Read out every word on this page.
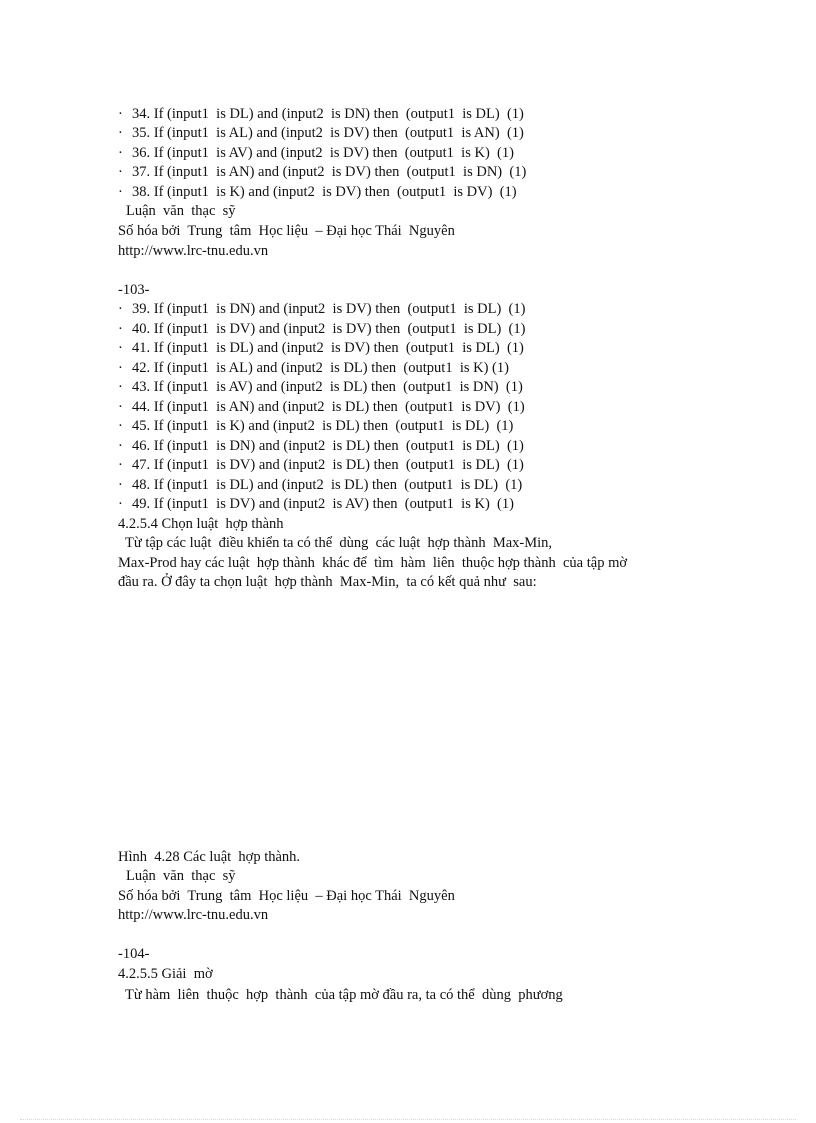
· 34. If (input1  is DL) and (input2  is DN) then  (output1  is DL)  (1)
· 35. If (input1  is AL) and (input2  is DV) then  (output1  is AN)  (1)
· 36. If (input1  is AV) and (input2  is DV) then  (output1  is K)  (1)
· 37. If (input1  is AN) and (input2  is DV) then  (output1  is DN)  (1)
· 38. If (input1  is K) and (input2  is DV) then  (output1  is DV)  (1)
Luận  văn  thạc  sỹ
Số hóa bởi  Trung  tâm  Học liệu  – Đại học Thái  Nguyên
http://www.lrc-tnu.edu.vn
-103-
· 39. If (input1  is DN) and (input2  is DV) then  (output1  is DL)  (1)
· 40. If (input1  is DV) and (input2  is DV) then  (output1  is DL)  (1)
· 41. If (input1  is DL) and (input2  is DV) then  (output1  is DL)  (1)
· 42. If (input1  is AL) and (input2  is DL) then  (output1  is K) (1)
· 43. If (input1  is AV) and (input2  is DL) then  (output1  is DN)  (1)
· 44. If (input1  is AN) and (input2  is DL) then  (output1  is DV)  (1)
· 45. If (input1  is K) and (input2  is DL) then  (output1  is DL)  (1)
· 46. If (input1  is DN) and (input2  is DL) then  (output1  is DL)  (1)
· 47. If (input1  is DV) and (input2  is DL) then  (output1  is DL)  (1)
· 48. If (input1  is DL) and (input2  is DL) then  (output1  is DL)  (1)
· 49. If (input1  is DV) and (input2  is AV) then  (output1  is K)  (1)
4.2.5.4 Chọn luật  hợp thành
Từ tập các luật  điều khiển ta có thể  dùng  các luật  hợp thành  Max-Min,
Max-Prod hay các luật  hợp thành  khác để  tìm  hàm  liên  thuộc hợp thành  của tập mờ
đầu ra. Ở đây ta chọn luật  hợp thành  Max-Min,  ta có kết quả như  sau:
Hình  4.28 Các luật  hợp thành.
Luận  văn  thạc  sỹ
Số hóa bởi  Trung  tâm  Học liệu  – Đại học Thái  Nguyên
http://www.lrc-tnu.edu.vn
-104-
4.2.5.5 Giải  mờ
Từ hàm  liên  thuộc  hợp  thành  của tập mờ đầu ra, ta có thể  dùng  phương
